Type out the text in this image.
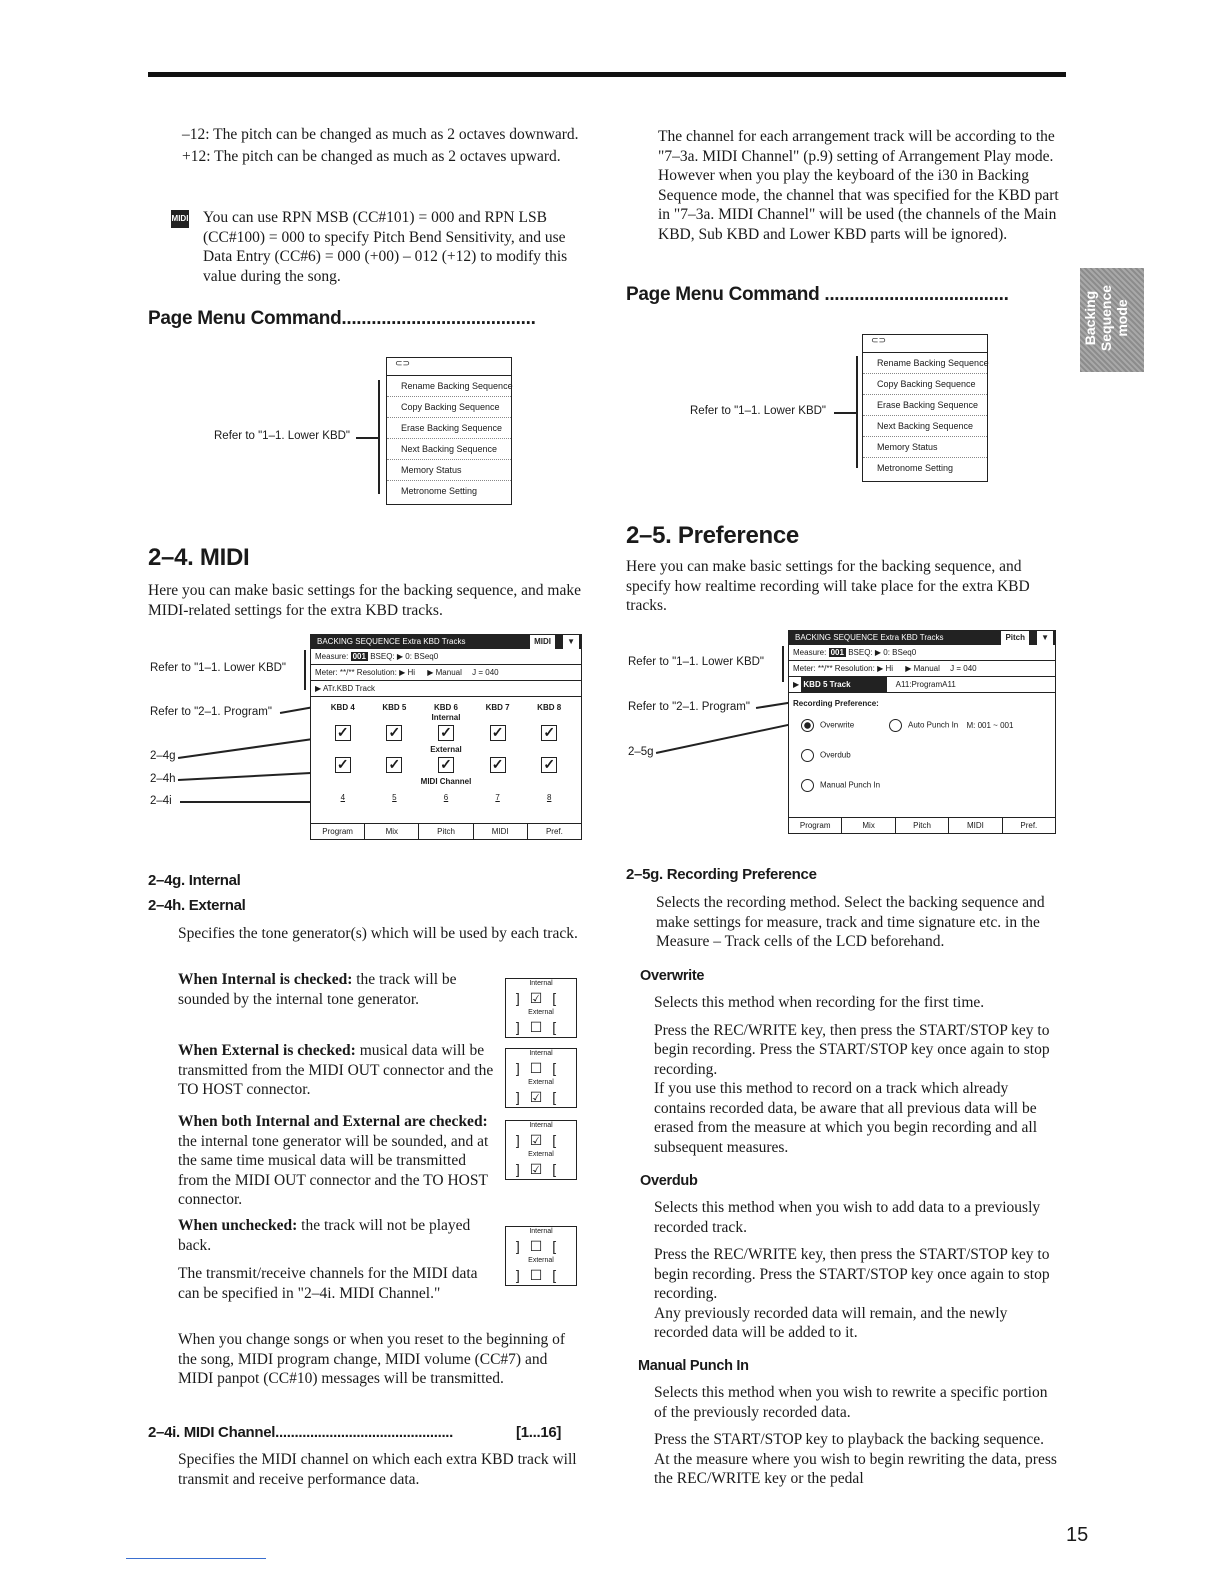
–12: The pitch can be changed as much as 2 octaves downward.

+12: The pitch can be changed as much as 2 octaves upward.

MIDI You can use RPN MSB (CC#101) = 000 and RPN LSB (CC#100) = 000 to specify Pitch Bend Sensitivity, and use Data Entry (CC#6) = 000 (+00) – 012 (+12) to modify this value during the song.
Page Menu Command.......................................
Refer to "1–1. Lower KBD"
⊂⊃
Rename Backing Sequence
Copy Backing Sequence
Erase Backing Sequence
Next Backing Sequence
Memory Status
Metronome Setting
2–4. MIDI
Here you can make basic settings for the backing sequence, and make MIDI-related settings for the extra KBD tracks.
Refer to "1–1. Lower KBD"
Refer to "2–1. Program"
2–4g
2–4h
2–4i
BACKING SEQUENCE Extra KBD Tracks	MIDI	▼
Measure: 001 BSEQ: ▶ 0: BSeq0
Meter: **/** Resolution: ▶ Hi ▶ Manual J = 040
▶ ATr.KBD Track
KBD 4	KBD 5	KBD 6	KBD 7	KBD 8
Internal
✓	✓	✓	✓	✓
External
✓	✓	✓	✓	✓
MIDI Channel
4	5	6	7	8
Program	Mix	Pitch	MIDI	Pref.
2–4g. Internal
2–4h. External
Specifies the tone generator(s) which will be used by each track.
When Internal is checked: the track will be sounded by the internal tone generator.
Internal
]☑[
External
]☐[
When External is checked: musical data will be transmitted from the MIDI OUT connector and the TO HOST connector.
Internal
]☐[
External
]☑[
When both Internal and External are checked: the internal tone generator will be sounded, and at the same time musical data will be transmitted from the MIDI OUT connector and the TO HOST connector.
Internal
]☑[
External
]☑[
When unchecked: the track will not be played back.
Internal
]☐[
External
]☐[
The transmit/receive channels for the MIDI data can be specified in "2–4i. MIDI Channel."
When you change songs or when you reset to the beginning of the song, MIDI program change, MIDI volume (CC#7) and MIDI panpot (CC#10) messages will be transmitted.
2–4i. MIDI Channel..............................................	[1...16]
Specifies the MIDI channel on which each extra KBD track will transmit and receive performance data.
The channel for each arrangement track will be according to the "7–3a. MIDI Channel" (p.9) setting of Arrangement Play mode. However when you play the keyboard of the i30 in Backing Sequence mode, the channel that was specified for the KBD part in "7–3a. MIDI Channel" will be used (the channels of the Main KBD, Sub KBD and Lower KBD parts will be ignored).
Page Menu Command .....................................
Refer to "1–1. Lower KBD"
⊂⊃
Rename Backing Sequence
Copy Backing Sequence
Erase Backing Sequence
Next Backing Sequence
Memory Status
Metronome Setting
2–5. Preference
Here you can make basic settings for the backing sequence, and specify how realtime recording will take place for the extra KBD tracks.
Refer to "1–1. Lower KBD"
Refer to "2–1. Program"
2–5g
BACKING SEQUENCE Extra KBD Tracks	Pitch	▼
Measure: 001 BSEQ: ▶ 0: BSeq0
Meter: **/** Resolution: ▶ Hi ▶ Manual J = 040
▶ KBD 5 Track	A11:ProgramA11
Recording Preference:
Overwrite	Auto Punch In M: 001 ~ 001
Overdub
Manual Punch In
Program	Mix	Pitch	MIDI	Pref.
2–5g. Recording Preference
Selects the recording method. Select the backing sequence and make settings for measure, track and time signature etc. in the Measure – Track cells of the LCD beforehand.
Overwrite

Selects this method when recording for the first time.

Press the REC/WRITE key, then press the START/STOP key to begin recording. Press the START/STOP key once again to stop recording.

If you use this method to record on a track which already contains recorded data, be aware that all previous data will be erased from the measure at which you begin recording and all subsequent measures.

Overdub

Selects this method when you wish to add data to a previously recorded track.

Press the REC/WRITE key, then press the START/STOP key to begin recording. Press the START/STOP key once again to stop recording.

Any previously recorded data will remain, and the newly recorded data will be added to it.

Manual Punch In

Selects this method when you wish to rewrite a specific portion of the previously recorded data.

Press the START/STOP key to playback the backing sequence. At the measure where you wish to begin rewriting the data, press the REC/WRITE key or the pedal

Backing Sequence mode
15
